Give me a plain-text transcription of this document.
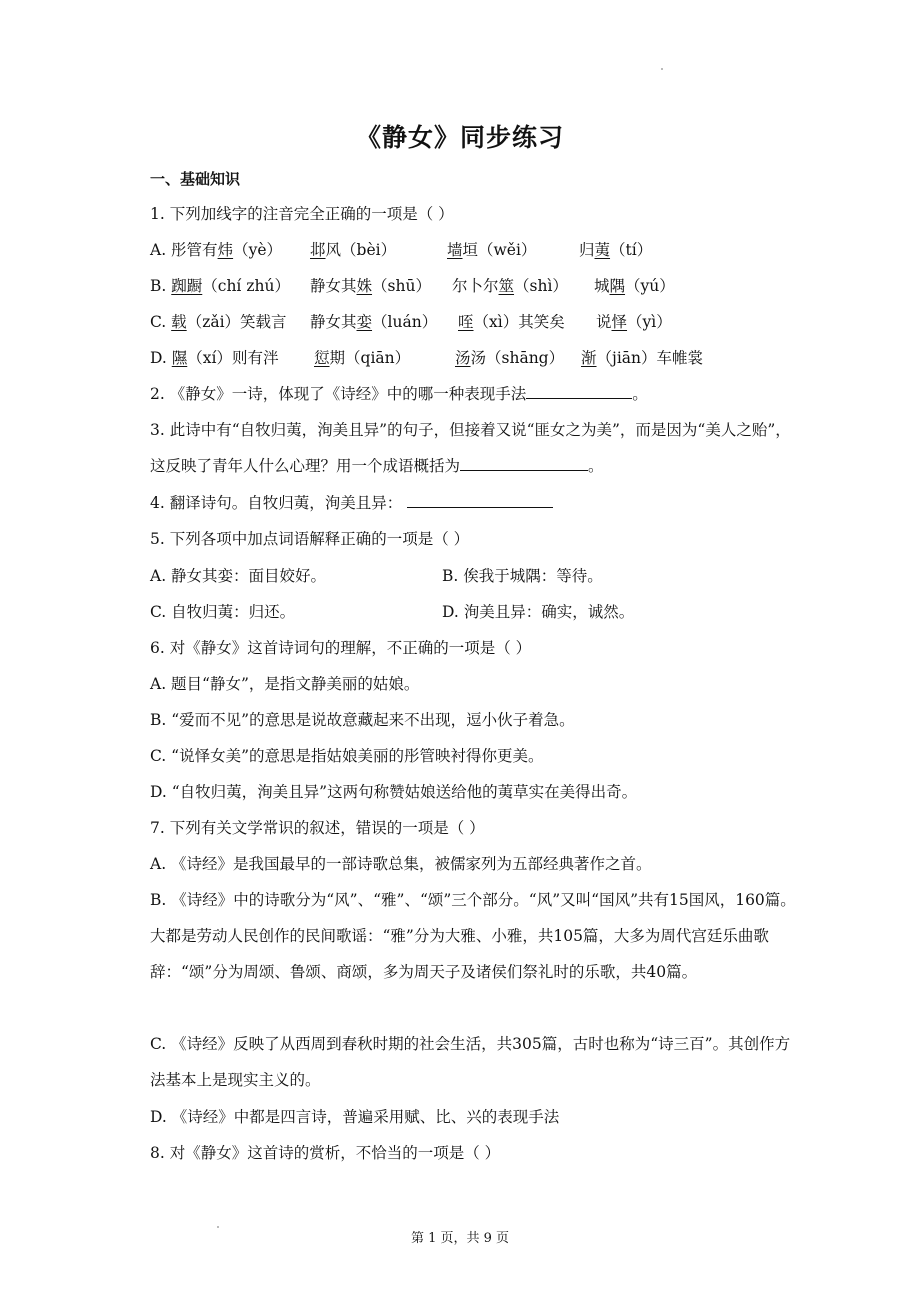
《静女》同步练习
一、基础知识
1. 下列加线字的注音完全正确的一项是（ ）
A. 彤管有炜（yè） 邶风（bèi）	墙垣（wěi）	归荑（tí）
B. 踟蹰（chí zhú） 静女其姝（shū） 尔卜尔筮（shì） 城隅（yú）
C. 载（zǎi）笑载言 静女其娈（luán） 咥（xì）其笑矣 说怿（yì）
D. 隰（xí）则有泮 愆期（qiān）	汤汤（shāng） 渐（jiān）车帷裳
2. 《静女》一诗，体现了《诗经》中的哪一种表现手法	。
3. 此诗中有“自牧归荑，洵美且异”的句子，但接着又说“匪女之为美”，而是因为“美人之贻”，这反映了青年人什么心理？用一个成语概括为	。
4. 翻译诗句。自牧归荑，洵美且异：
5. 下列各项中加点词语解释正确的一项是（ ）
A. 静女其娈：面目姣好。	B. 俟我于城隅：等待。
C. 自牧归荑：归还。	D. 洵美且异：确实，诚然。
6. 对《静女》这首诗词句的理解，不正确的一项是（ ）
A. 题目“静女”，是指文静美丽的姑娘。
B. “爱而不见”的意思是说故意藏起来不出现，逗小伙子着急。
C. “说怿女美”的意思是指姑娘美丽的彤管映衬得你更美。
D. “自牧归荑，洵美且异”这两句称赞姑娘送给他的荑草实在美得出奇。
7. 下列有关文学常识的叙述，错误的一项是（ ）
A. 《诗经》是我国最早的一部诗歌总集，被儒家列为五部经典著作之首。
B. 《诗经》中的诗歌分为“风”、“雅”、“颂”三个部分。“风”又叫“国风”共有15国风，160篇。大都是劳动人民创作的民间歌谣：“雅”分为大雅、小雅，共105篇，大多为周代宫廷乐曲歌辞：“颂”分为周颂、鲁颂、商颂，多为周天子及诸侯们祭礼时的乐歌，共40篇。
C. 《诗经》反映了从西周到春秋时期的社会生活，共305篇，古时也称为“诗三百”。其创作方法基本上是现实主义的。
D. 《诗经》中都是四言诗，普遍采用赋、比、兴的表现手法
8. 对《静女》这首诗的赏析，不恰当的一项是（ ）
第 1 页，共 9 页
